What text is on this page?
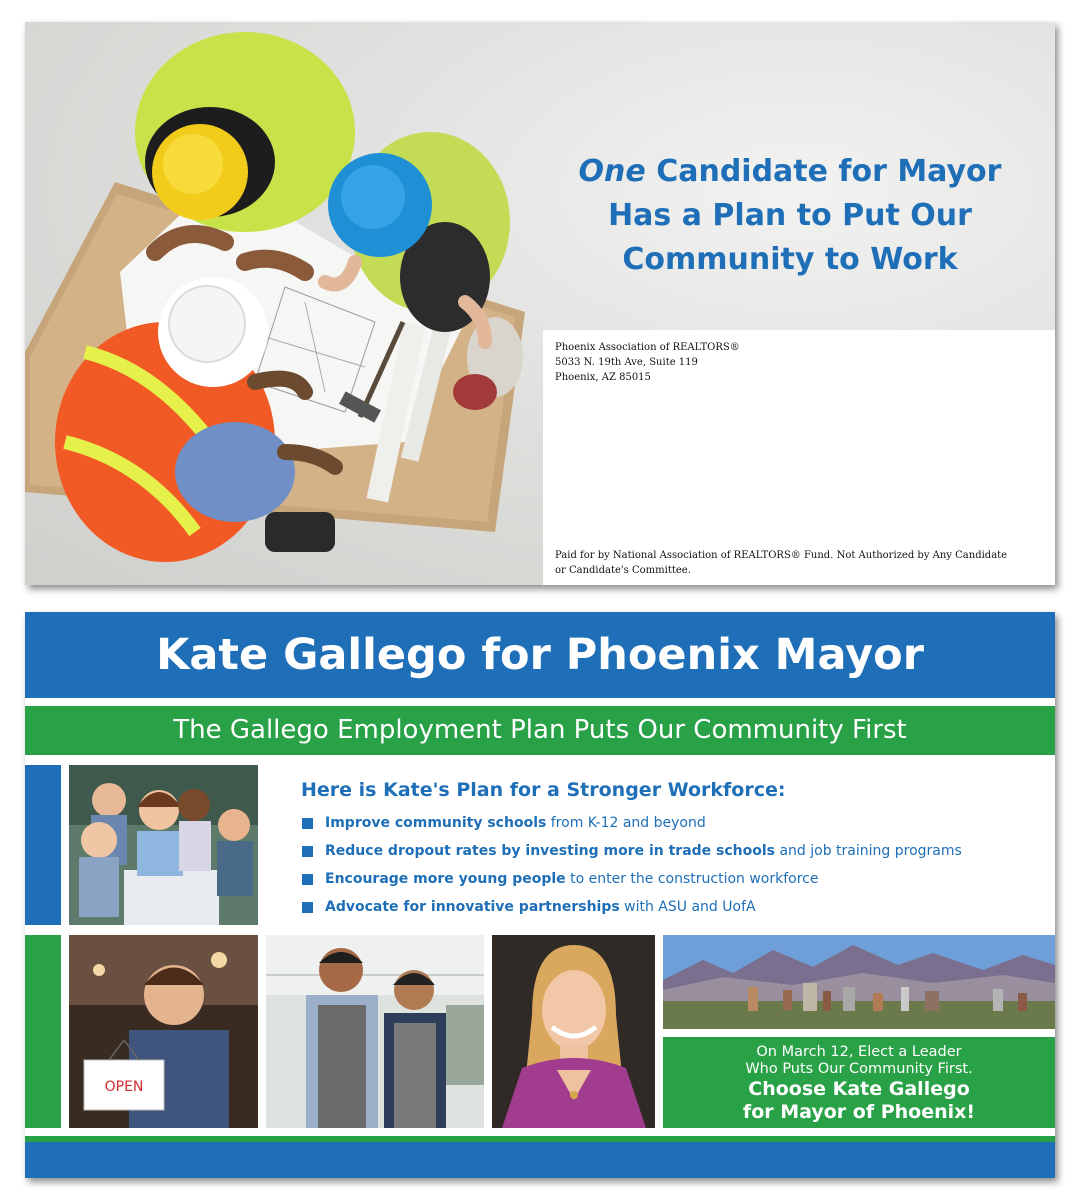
One Candidate for Mayor
Has a Plan to Put Our
Community to Work
Phoenix Association of REALTORS®
5033 N. 19th Ave, Suite 119
Phoenix, AZ 85015
Paid for by National Association of REALTORS® Fund. Not Authorized by Any Candidate
or Candidate's Committee.
Kate Gallego for Phoenix Mayor
The Gallego Employment Plan Puts Our Community First
Here is Kate's Plan for a Stronger Workforce:
Improve community schools from K-12 and beyond
Reduce dropout rates by investing more in trade schools and job training programs
Encourage more young people to enter the construction workforce
Advocate for innovative partnerships with ASU and UofA
OPEN
On March 12, Elect a Leader
Who Puts Our Community First.
Choose Kate Gallego
for Mayor of Phoenix!
